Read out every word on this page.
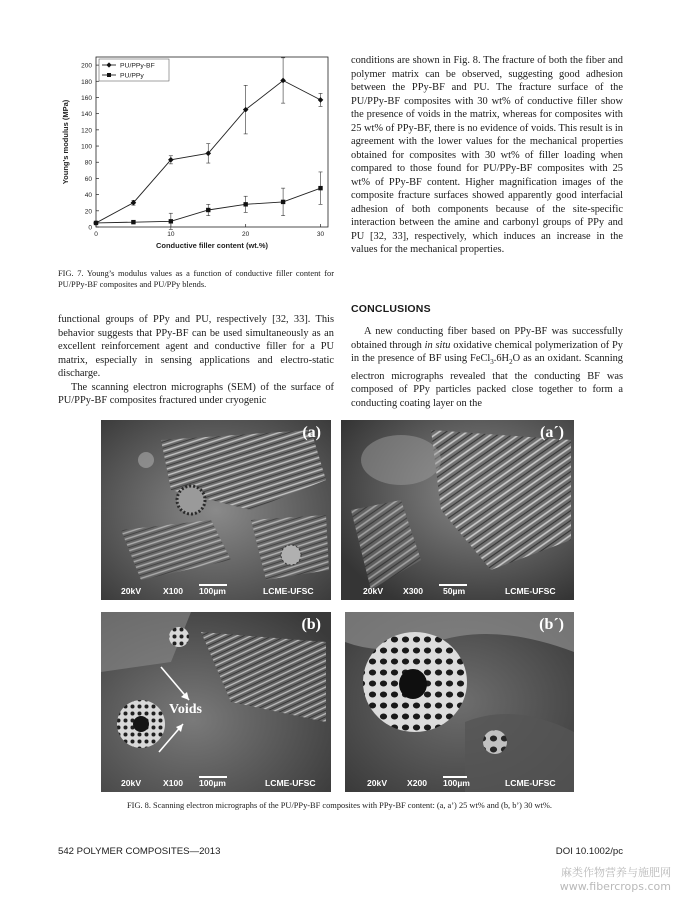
0
20
40
60
80
100
120
140
160
180
200
0	10	20	30
Conductive filler content (wt.%)
Young's modulus (MPa)
PU/PPy-BF
PU/PPy
FIG. 7. Young’s modulus values as a function of conductive filler content for PU/PPy-BF composites and PU/PPy blends.

functional groups of PPy and PU, respectively [32, 33]. This behavior suggests that PPy-BF can be used simultaneously as an excellent reinforcement agent and conductive filler for a PU matrix, especially in sensing applications and electro-static discharge.

The scanning electron micrographs (SEM) of the surface of PU/PPy-BF composites fractured under cryogenic

conditions are shown in Fig. 8. The fracture of both the fiber and polymer matrix can be observed, suggesting good adhesion between the PPy-BF and PU. The fracture surface of the PU/PPy-BF composites with 30 wt% of conductive filler show the presence of voids in the matrix, whereas for composites with 25 wt% of PPy-BF, there is no evidence of voids. This result is in agreement with the lower values for the mechanical properties obtained for composites with 30 wt% of filler loading when compared to those found for PU/PPy-BF composites with 25 wt% of PPy-BF content. Higher magnification images of the composite fracture surfaces showed apparently good interfacial adhesion of both components because of the site-specific interaction between the amine and carbonyl groups of PPy and PU [32, 33], respectively, which induces an increase in the values for the mechanical properties.

CONCLUSIONS

A new conducting fiber based on PPy-BF was successfully obtained through in situ oxidative chemical polymerization of Py in the presence of BF using $FeCl_3.6H_2O$ as an oxidant. Scanning electron micrographs revealed that the conducting BF was composed of PPy particles packed close together to form a conducting coating layer on the

(a)
20kV	X100 100µm	LCME-UFSC
(a´)
20kV X300 50µm	LCME-UFSC
(b)
Voids
20kV	X100 100µm	LCME-UFSC
(b´)
20kV X200 100µm	LCME-UFSC
FIG. 8. Scanning electron micrographs of the PU/PPy-BF composites with PPy-BF content: (a, a’) 25 wt% and (b, b’) 30 wt%.
542 POLYMER COMPOSITES—2013	DOI 10.1002/pc
麻类作物营养与施肥网
www.fibercrops.com
